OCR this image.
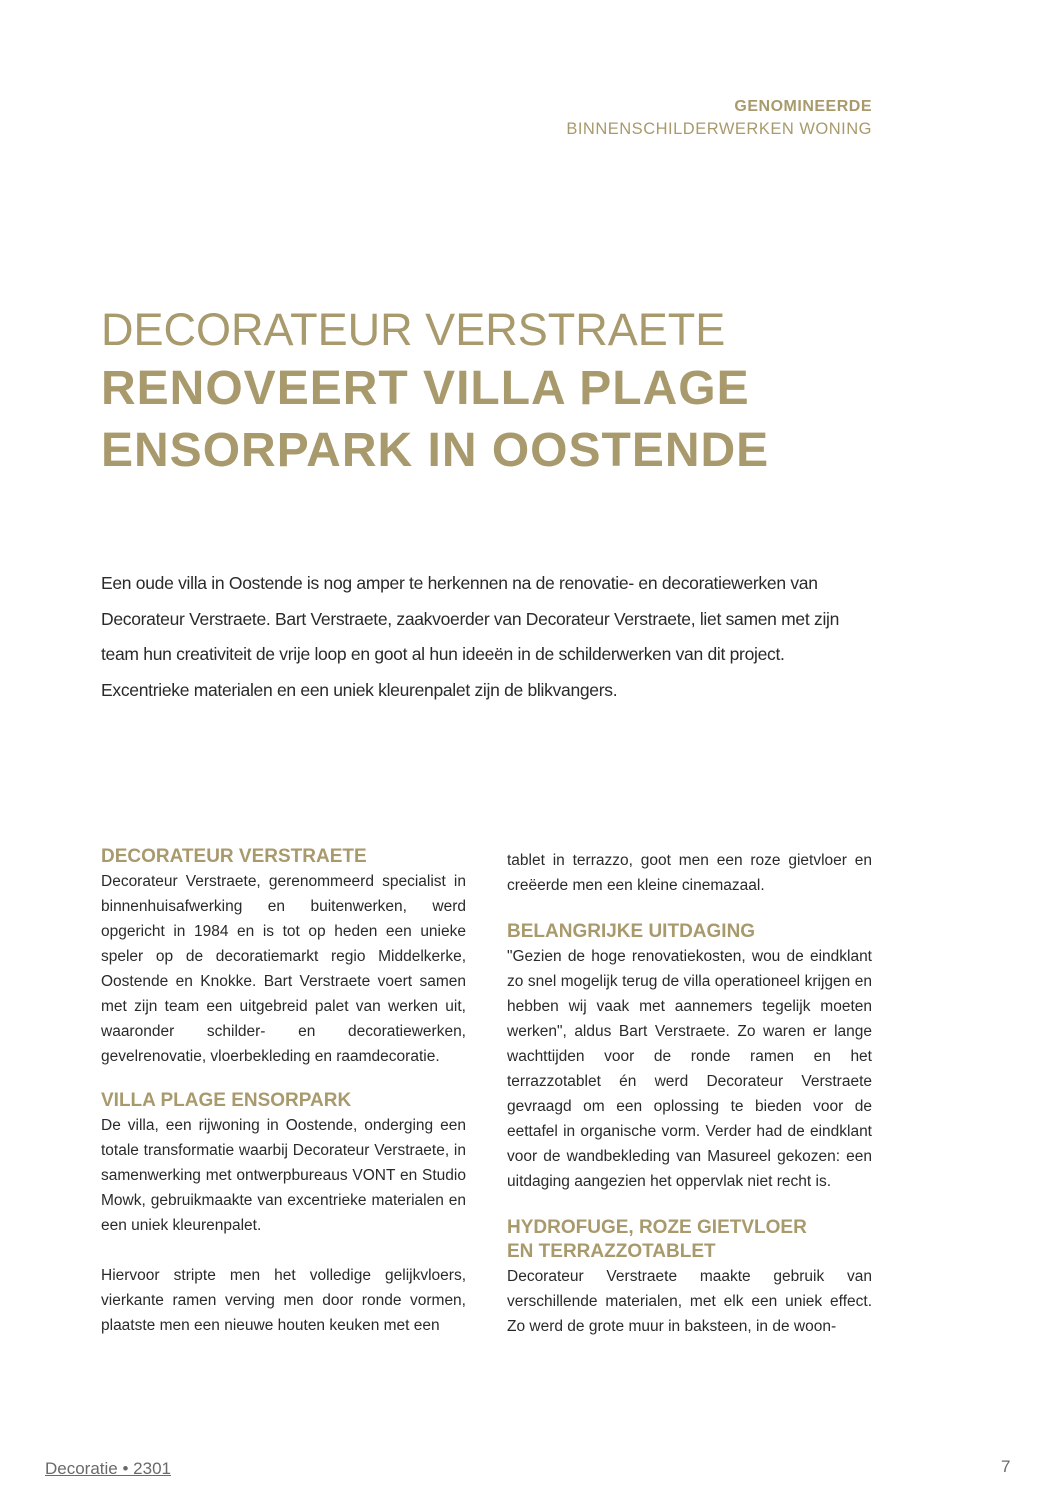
GENOMINEERDE
BINNENSCHILDERWERKEN WONING
DECORATEUR VERSTRAETE
RENOVEERT VILLA PLAGE
ENSORPARK IN OOSTENDE

Een oude villa in Oostende is nog amper te herkennen na de renovatie- en decoratiewerken van Decorateur Verstraete. Bart Verstraete, zaakvoerder van Decorateur Verstraete, liet samen met zijn team hun creativiteit de vrije loop en goot al hun ideeën in de schilderwerken van dit project. Excentrieke materialen en een uniek kleurenpalet zijn de blikvangers.

DECORATEUR VERSTRAETE

Decorateur Verstraete, gerenommeerd specialist in binnenhuisafwerking en buitenwerken, werd opgericht in 1984 en is tot op heden een unieke speler op de decoratiemarkt regio Middelkerke, Oostende en Knokke. Bart Verstraete voert samen met zijn team een uitgebreid palet van werken uit, waaronder schilder- en decoratiewerken, gevelrenovatie, vloerbekleding en raamdecoratie.

VILLA PLAGE ENSORPARK

De villa, een rijwoning in Oostende, onderging een totale transformatie waarbij Decorateur Verstraete, in samenwerking met ontwerpbureaus VONT en Studio Mowk, gebruikmaakte van excentrieke materialen en een uniek kleurenpalet.

Hiervoor stripte men het volledige gelijkvloers, vierkante ramen verving men door ronde vormen, plaatste men een nieuwe houten keuken met een

tablet in terrazzo, goot men een roze gietvloer en creëerde men een kleine cinemazaal.

BELANGRIJKE UITDAGING

"Gezien de hoge renovatiekosten, wou de eindklant zo snel mogelijk terug de villa operationeel krijgen en hebben wij vaak met aannemers tegelijk moeten werken", aldus Bart Verstraete. Zo waren er lange wachttijden voor de ronde ramen en het terrazzotablet én werd Decorateur Verstraete gevraagd om een oplossing te bieden voor de eettafel in organische vorm. Verder had de eindklant voor de wandbekleding van Masureel gekozen: een uitdaging aangezien het oppervlak niet recht is.

HYDROFUGE, ROZE GIETVLOER
EN TERRAZZOTABLET

Decorateur Verstraete maakte gebruik van verschillende materialen, met elk een uniek effect. Zo werd de grote muur in baksteen, in de woon-

Decoratie • 2301	7
